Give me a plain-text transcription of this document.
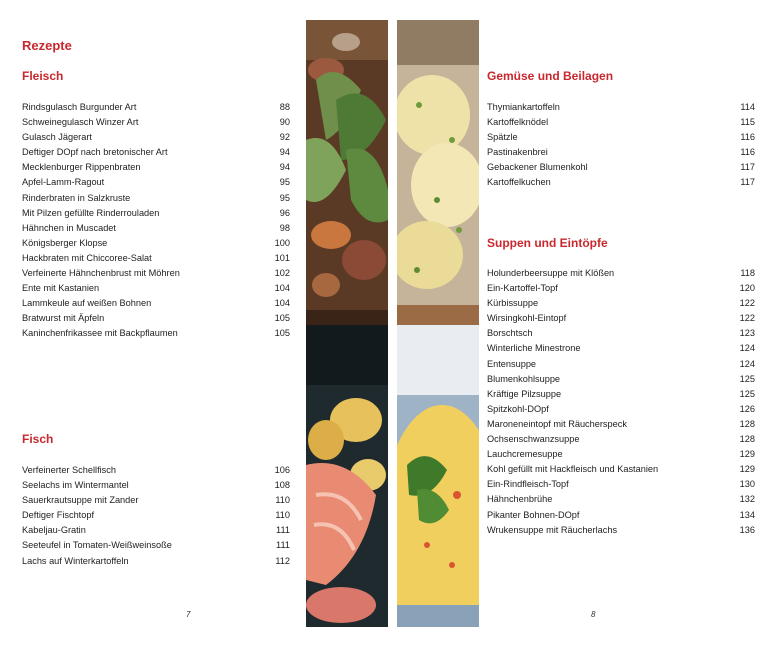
Rezepte
Fleisch
Rindsgulasch Burgunder Art	88
Schweinegulasch Winzer Art	90
Gulasch Jägerart	92
Deftiger DOpf nach bretonischer Art	94
Mecklenburger Rippenbraten	94
Apfel-Lamm-Ragout	95
Rinderbraten in Salzkruste	95
Mit Pilzen gefüllte Rinderrouladen	96
Hähnchen in Muscadet	98
Königsberger Klopse	100
Hackbraten mit Chiccoree-Salat	101
Verfeinerte Hähnchenbrust mit Möhren	102
Ente mit Kastanien	104
Lammkeule auf weißen Bohnen	104
Bratwurst mit Äpfeln	105
Kaninchenfrikassee mit Backpflaumen	105
Fisch
Verfeinerter Schellfisch	106
Seelachs im Wintermantel	108
Sauerkrautsuppe mit Zander	110
Deftiger Fischtopf	110
Kabeljau-Gratin	111
Seeteufel in Tomaten-Weißweinsoße	111
Lachs auf Winterkartoffeln	112
7
Gemüse und Beilagen
Thymiankartoffeln	114
Kartoffelknödel	115
Spätzle	116
Pastinakenbrei	116
Gebackener Blumenkohl	117
Kartoffelkuchen	117
Suppen und Eintöpfe
Holunderbeersuppe mit Klößen	118
Ein-Kartoffel-Topf	120
Kürbissuppe	122
Wirsingkohl-Eintopf	122
Borschtsch	123
Winterliche Minestrone	124
Entensuppe	124
Blumenkohlsuppe	125
Kräftige Pilzsuppe	125
Spitzkohl-DOpf	126
Maroneneintopf mit Räucherspeck	128
Ochsenschwanzsuppe	128
Lauchcremesuppe	129
Kohl gefüllt mit Hackfleisch und Kastanien	129
Ein-Rindfleisch-Topf	130
Hähnchenbrühe	132
Pikanter Bohnen-DOpf	134
Wrukensuppe mit Räucherlachs	136
8
